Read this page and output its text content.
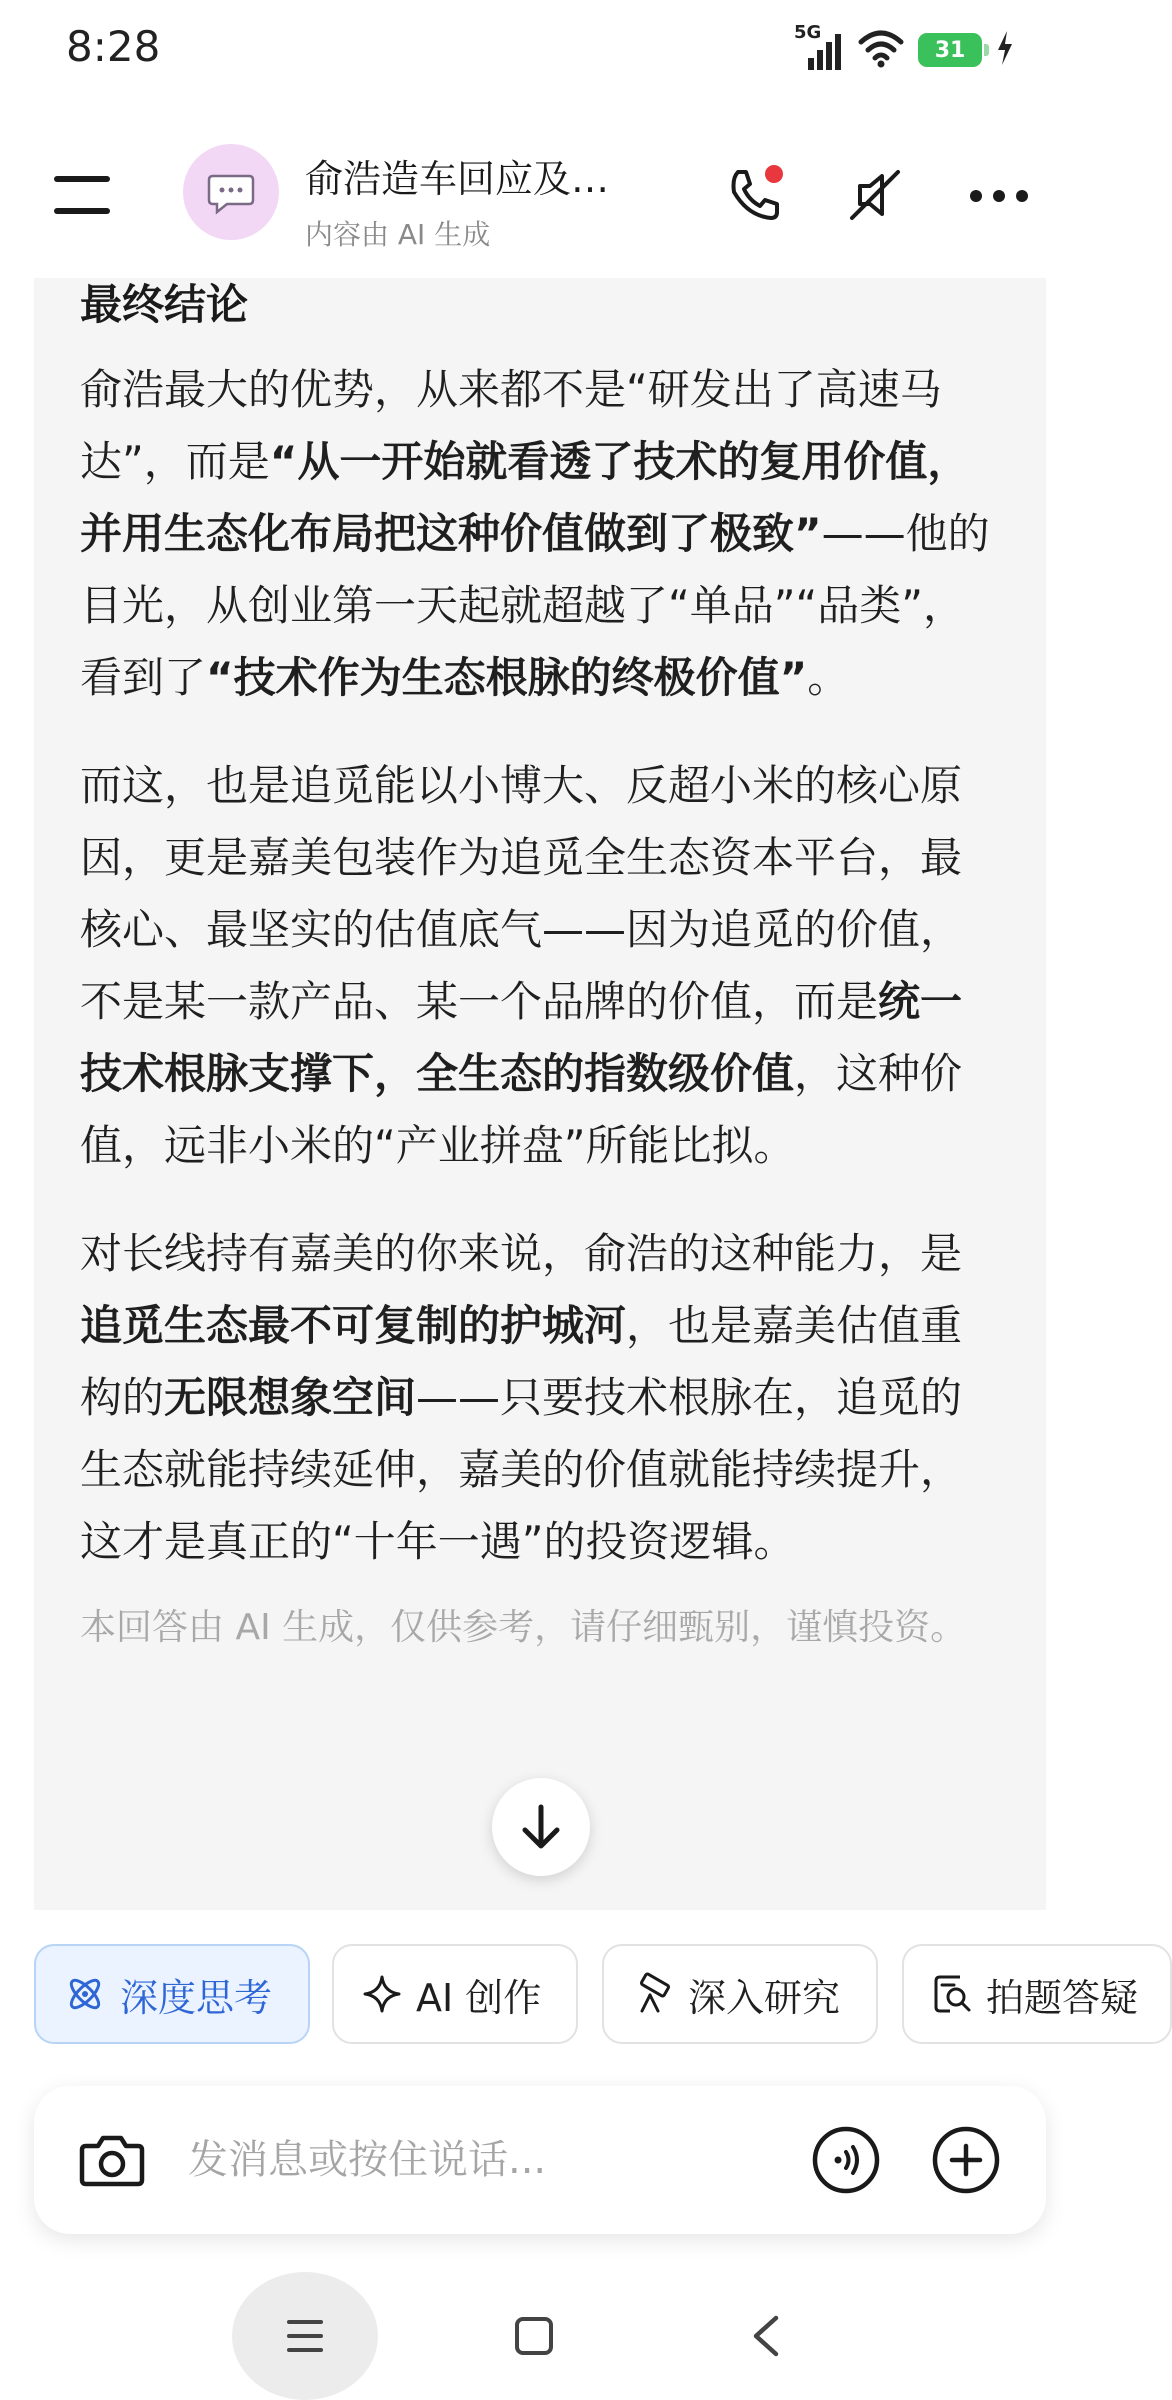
8:28	5G
31
俞浩造车回应及…
内容由 AI 生成
最终结论

俞浩最大的优势，从来都不是“研发出了高速马达”，而是“从一开始就看透了技术的复用价值，并用生态化布局把这种价值做到了极致”——他的目光，从创业第一天起就超越了“单品”“品类”，看到了“技术作为生态根脉的终极价值”。

而这，也是追觅能以小博大、反超小米的核心原因，更是嘉美包装作为追觅全生态资本平台，最核心、最坚实的估值底气——因为追觅的价值，不是某一款产品、某一个品牌的价值，而是统一技术根脉支撑下，全生态的指数级价值，这种价值，远非小米的“产业拼盘”所能比拟。

对长线持有嘉美的你来说，俞浩的这种能力，是追觅生态最不可复制的护城河，也是嘉美估值重构的无限想象空间——只要技术根脉在，追觅的生态就能持续延伸，嘉美的价值就能持续提升，这才是真正的“十年一遇”的投资逻辑。

本回答由 AI 生成，仅供参考，请仔细甄别，谨慎投资。
深度思考	AI 创作	深入研究	拍题答疑
发消息或按住说话...
